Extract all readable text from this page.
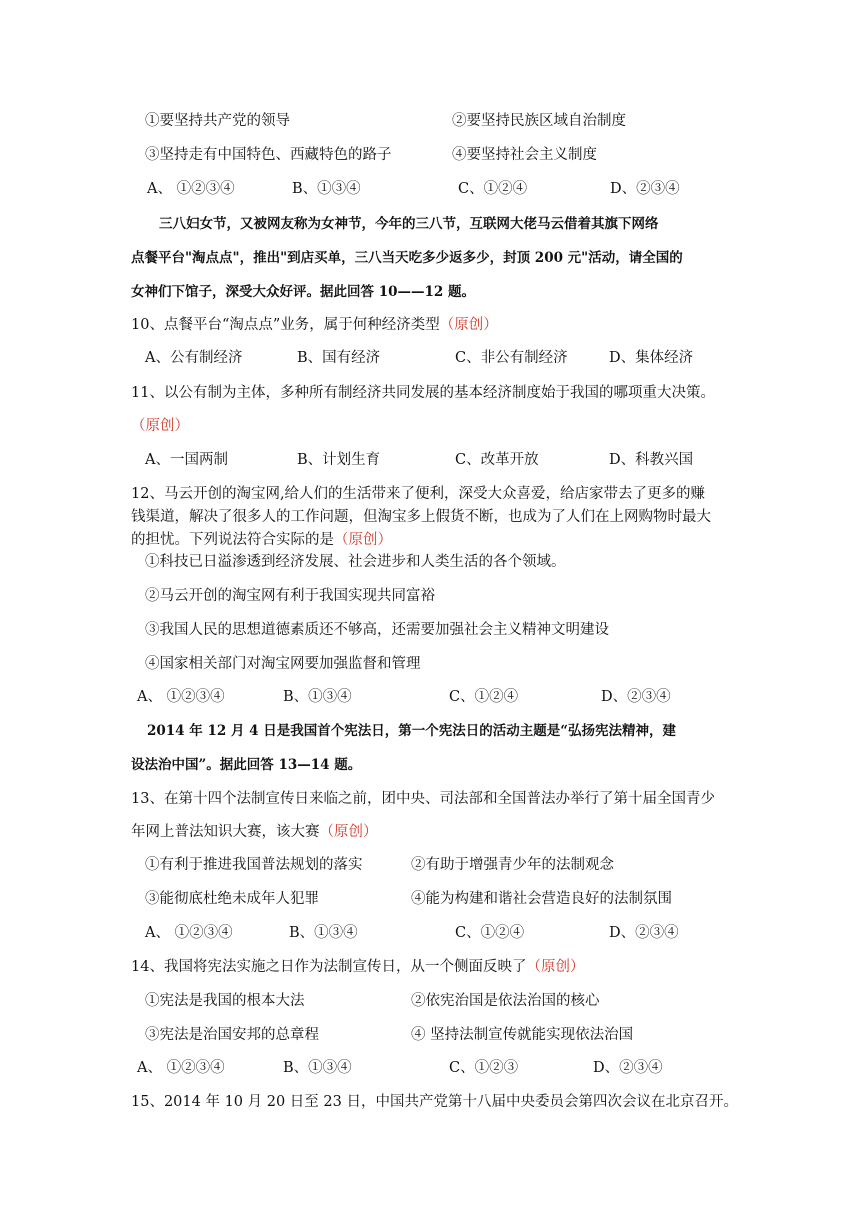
①要坚持共产党的领导	②要坚持民族区域自治制度
③坚持走有中国特色、西藏特色的路子	④要坚持社会主义制度
A、 ①②③④	B、①③④	C、①②④	D、②③④
三八妇女节，又被网友称为女神节，今年的三八节，互联网大佬马云借着其旗下网络
点餐平台"淘点点"，推出"到店买单，三八当天吃多少返多少，封顶 200 元"活动，请全国的
女神们下馆子，深受大众好评。据此回答 10——12 题。
10、点餐平台“淘点点”业务，属于何种经济类型（原创）
A、公有制经济	B、国有经济	C、非公有制经济	D、集体经济
11、以公有制为主体，多种所有制经济共同发展的基本经济制度始于我国的哪项重大决策。
（原创）
A、一国两制	B、计划生育	C、改革开放	D、科教兴国
12、马云开创的淘宝网,给人们的生活带来了便利，深受大众喜爱，给店家带去了更多的赚
钱渠道，解决了很多人的工作问题，但淘宝多上假货不断，也成为了人们在上网购物时最大
的担忧。下列说法符合实际的是（原创）
①科技已日溢渗透到经济发展、社会进步和人类生活的各个领域。
②马云开创的淘宝网有利于我国实现共同富裕
③我国人民的思想道德素质还不够高，还需要加强社会主义精神文明建设
④国家相关部门对淘宝网要加强监督和管理
A、 ①②③④	B、①③④	C、①②④	D、②③④
2014 年 12 月 4 日是我国首个宪法日，第一个宪法日的活动主题是“弘扬宪法精神，建
设法治中国”。据此回答 13—14 题。
13、在第十四个法制宣传日来临之前，团中央、司法部和全国普法办举行了第十届全国青少
年网上普法知识大赛，该大赛（原创）
①有利于推进我国普法规划的落实	②有助于增强青少年的法制观念
③能彻底杜绝未成年人犯罪	④能为构建和谐社会营造良好的法制氛围
A、 ①②③④	B、①③④	C、①②④	D、②③④
14、我国将宪法实施之日作为法制宣传日，从一个侧面反映了（原创）
①宪法是我国的根本大法	②依宪治国是依法治国的核心
③宪法是治国安邦的总章程	④ 坚持法制宣传就能实现依法治国
A、 ①②③④	B、①③④	C、①②③	D、②③④
15、2014 年 10 月 20 日至 23 日，中国共产党第十八届中央委员会第四次会议在北京召开。
